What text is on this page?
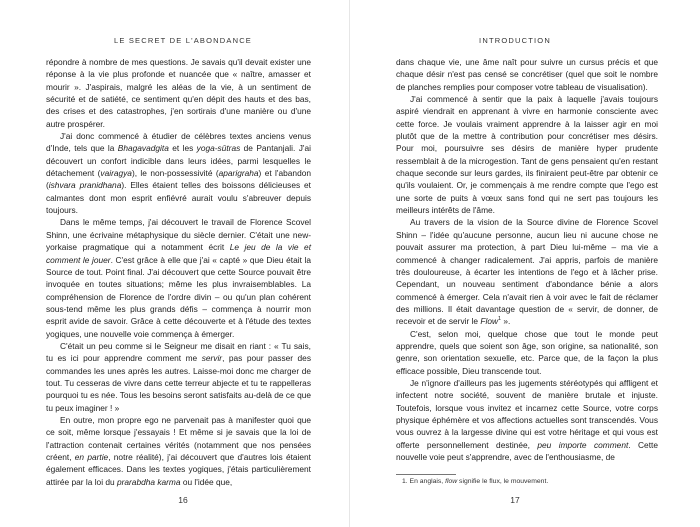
LE SECRET DE L'ABONDANCE

répondre à nombre de mes questions. Je savais qu'il devait exister une réponse à la vie plus profonde et nuancée que « naître, amasser et mourir ». J'aspirais, malgré les aléas de la vie, à un sentiment de sécurité et de satiété, ce sentiment qu'en dépit des hauts et des bas, des crises et des catastrophes, j'en sortirais d'une manière ou d'une autre prospérer.

J'ai donc commencé à étudier de célèbres textes anciens venus d'Inde, tels que la Bhagavadgita et les yoga-sūtras de Pantanjali. J'ai découvert un confort indicible dans leurs idées, parmi lesquelles le détachement (vairagya), le non-possessivité (aparigraha) et l'abandon (ishvara pranidhana). Elles étaient telles des boissons délicieuses et calmantes dont mon esprit enfiévré aurait voulu s'abreuver depuis toujours.

Dans le même temps, j'ai découvert le travail de Florence Scovel Shinn, une écrivaine métaphysique du siècle dernier. C'était une new-yorkaise pragmatique qui a notamment écrit Le jeu de la vie et comment le jouer. C'est grâce à elle que j'ai « capté » que Dieu était la Source de tout. Point final. J'ai découvert que cette Source pouvait être invoquée en toutes situations; même les plus invraisemblables. La compréhension de Florence de l'ordre divin – ou qu'un plan cohérent sous-tend même les plus grands défis – commença à nourrir mon esprit avide de savoir. Grâce à cette découverte et à l'étude des textes yogiques, une nouvelle voie commença à émerger.

C'était un peu comme si le Seigneur me disait en riant : « Tu sais, tu es ici pour apprendre comment me servir, pas pour passer des commandes les unes après les autres. Laisse-moi donc me charger de tout. Tu cesseras de vivre dans cette terreur abjecte et tu te rappelleras pourquoi tu es née. Tous les besoins seront satisfaits au-delà de ce que tu peux imaginer ! »

En outre, mon propre ego ne parvenait pas à manifester quoi que ce soit, même lorsque j'essayais ! Et même si je savais que la loi de l'attraction contenait certaines vérités (notamment que nos pensées créent, en partie, notre réalité), j'ai découvert que d'autres lois étaient également efficaces. Dans les textes yogiques, j'étais particulièrement attirée par la loi du prarabdha karma ou l'idée que,

16
INTRODUCTION

dans chaque vie, une âme naît pour suivre un cursus précis et que chaque désir n'est pas censé se concrétiser (quel que soit le nombre de planches remplies pour composer votre tableau de visualisation).

J'ai commencé à sentir que la paix à laquelle j'avais toujours aspiré viendrait en apprenant à vivre en harmonie consciente avec cette force. Je voulais vraiment apprendre à la laisser agir en moi plutôt que de la mettre à contribution pour concrétiser mes désirs. Pour moi, poursuivre ses désirs de manière hyper prudente ressemblait à de la microgestion. Tant de gens pensaient qu'en restant chaque seconde sur leurs gardes, ils finiraient peut-être par obtenir ce qu'ils voulaient. Or, je commençais à me rendre compte que l'ego est une sorte de puits à vœux sans fond qui ne sert pas toujours les meilleurs intérêts de l'âme.

Au travers de la vision de la Source divine de Florence Scovel Shinn – l'idée qu'aucune personne, aucun lieu ni aucune chose ne pouvait assurer ma protection, à part Dieu lui-même – ma vie a commencé à changer radicalement. J'ai appris, parfois de manière très douloureuse, à écarter les intentions de l'ego et à lâcher prise. Cependant, un nouveau sentiment d'abondance bénie a alors commencé à émerger. Cela n'avait rien à voir avec le fait de réclamer des millions. Il était davantage question de « servir, de donner, de recevoir et de servir le Flow$^1$ ».

C'est, selon moi, quelque chose que tout le monde peut apprendre, quels que soient son âge, son origine, sa nationalité, son genre, son orientation sexuelle, etc. Parce que, de la façon la plus efficace possible, Dieu transcende tout.

Je n'ignore d'ailleurs pas les jugements stéréotypés qui affligent et infectent notre société, souvent de manière brutale et injuste. Toutefois, lorsque vous invitez et incarnez cette Source, votre corps physique éphémère et vos affections actuelles sont transcendés. Vous vous ouvrez à la largesse divine qui est votre héritage et qui vous est offerte personnellement destinée, peu importe comment. Cette nouvelle voie peut s'apprendre, avec de l'enthousiasme, de

1. En anglais, flow signifie le flux, le mouvement.
17
